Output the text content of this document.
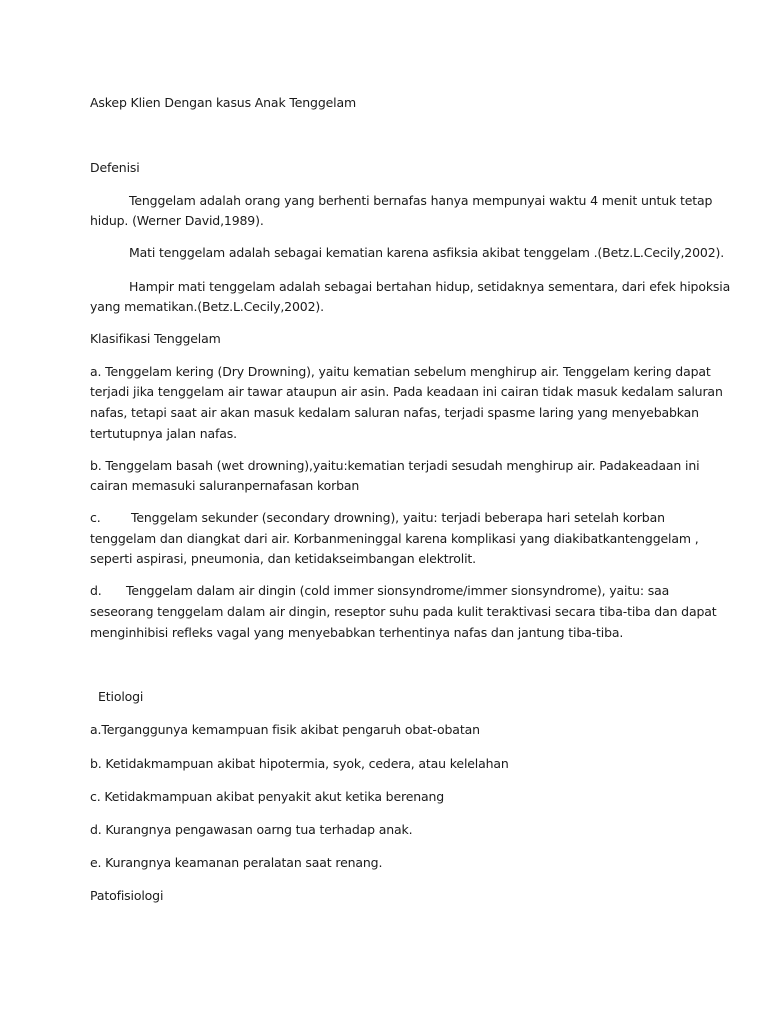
Askep Klien Dengan kasus Anak Tenggelam

Defenisi

Tenggelam adalah orang yang berhenti bernafas hanya mempunyai waktu 4 menit untuk tetap

hidup. (Werner David,1989).

Mati tenggelam adalah sebagai kematian karena asfiksia akibat tenggelam .(Betz.L.Cecily,2002).

Hampir mati tenggelam adalah sebagai bertahan hidup, setidaknya sementara, dari efek hipoksia

yang mematikan.(Betz.L.Cecily,2002).

Klasifikasi Tenggelam

a. Tenggelam kering (Dry Drowning), yaitu kematian sebelum menghirup air. Tenggelam kering dapat

terjadi jika tenggelam air tawar ataupun air asin. Pada keadaan ini cairan tidak masuk kedalam saluran

nafas, tetapi saat air akan masuk kedalam saluran nafas, terjadi spasme laring yang menyebabkan

tertutupnya jalan nafas.

b. Tenggelam basah (wet drowning),yaitu:kematian terjadi sesudah menghirup air. Padakeadaan ini

cairan memasuki saluranpernafasan korban

c. Tenggelam sekunder (secondary drowning), yaitu: terjadi beberapa hari setelah korban

tenggelam dan diangkat dari air. Korbanmeninggal karena komplikasi yang diakibatkantenggelam ,

seperti aspirasi, pneumonia, dan ketidakseimbangan elektrolit.

d. Tenggelam dalam air dingin (cold immer sionsyndrome/immer sionsyndrome), yaitu: saa

seseorang tenggelam dalam air dingin, reseptor suhu pada kulit teraktivasi secara tiba-tiba dan dapat

menginhibisi refleks vagal yang menyebabkan terhentinya nafas dan jantung tiba-tiba.

Etiologi

a.Terganggunya kemampuan fisik akibat pengaruh obat-obatan

b. Ketidakmampuan akibat hipotermia, syok, cedera, atau kelelahan

c. Ketidakmampuan akibat penyakit akut ketika berenang

d. Kurangnya pengawasan oarng tua terhadap anak.

e. Kurangnya keamanan peralatan saat renang.

Patofisiologi
